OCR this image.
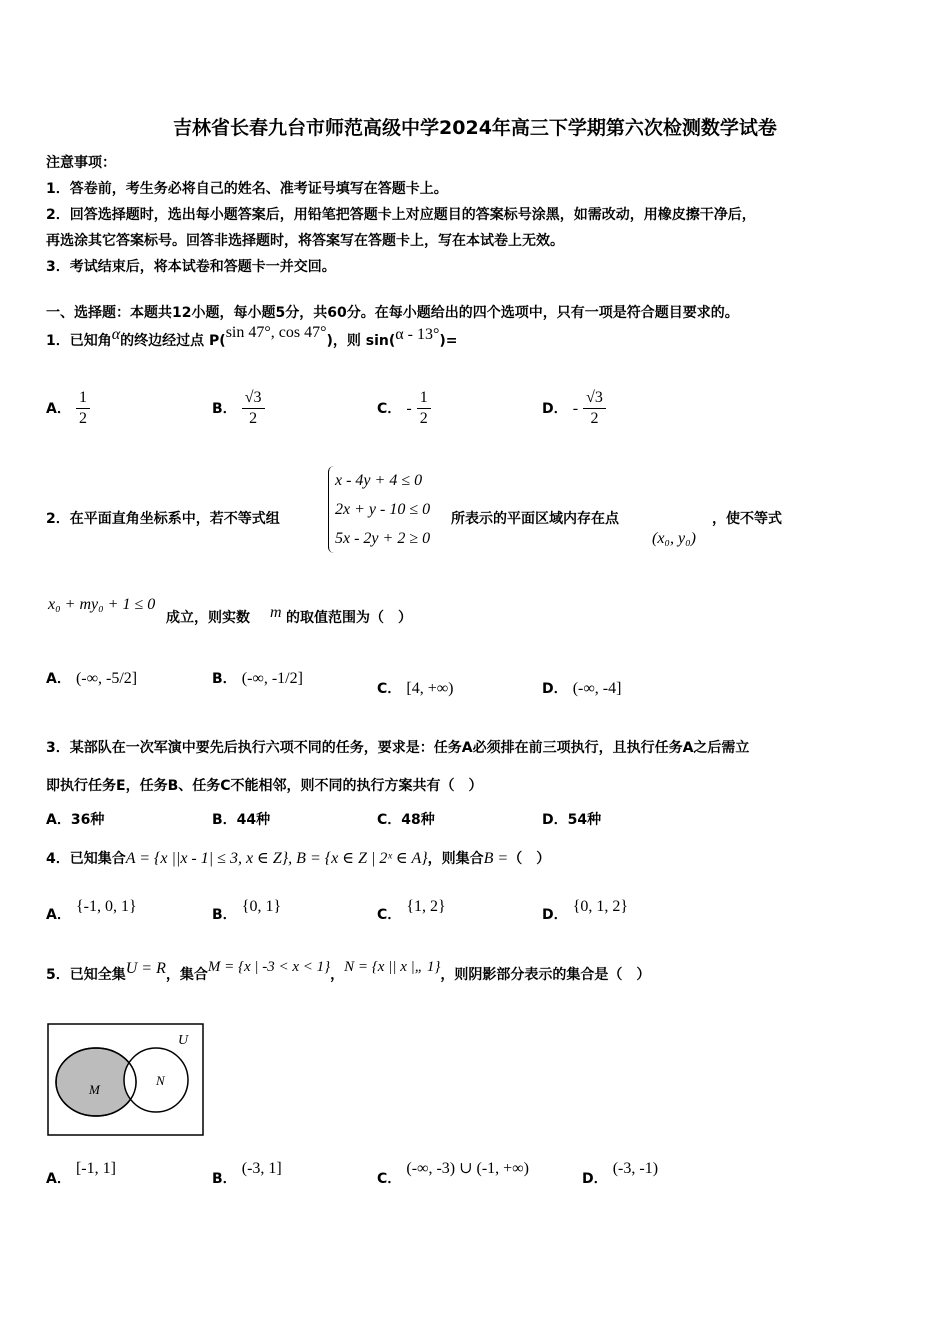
吉林省长春九台市师范高级中学2024年高三下学期第六次检测数学试卷
注意事项：
1．答卷前，考生务必将自己的姓名、准考证号填写在答题卡上。
2．回答选择题时，选出每小题答案后，用铅笔把答题卡上对应题目的答案标号涂黑，如需改动，用橡皮擦干净后，
再选涂其它答案标号。回答非选择题时，将答案写在答题卡上，写在本试卷上无效。
3．考试结束后，将本试卷和答题卡一并交回。
一、选择题：本题共12小题，每小题5分，共60分。在每小题给出的四个选项中，只有一项是符合题目要求的。
1．已知角α的终边经过点 P(sin 47°, cos 47°)，则 sin(α - 13°)=
A． $\frac{1}{2}$	B． $\frac{√3}{2}$	C． - $\frac{1}{2}$	D． - $\frac{√3}{2}$
2．在平面直角坐标系中，若不等式组
x - 4y + 4 ≤ 0
2x + y - 10 ≤ 0
5x - 2y + 2 ≥ 0
所表示的平面区域内存在点
(x₀, y₀)
，使不等式
x₀ + my₀ + 1 ≤ 0
成立，则实数 m 的取值范围为（　）
A． (-∞, -5/2]	B． (-∞, -1/2]
C． [4, +∞)	D． (-∞, -4]
3．某部队在一次军演中要先后执行六项不同的任务，要求是：任务A必须排在前三项执行，且执行任务A之后需立
即执行任务E，任务B、任务C不能相邻，则不同的执行方案共有（　）
A．36种	B．44种	C．48种	D．54种
4．已知集合A = {x ||x - 1| ≤ 3, x ∈ Z}, B = {x ∈ Z | 2ˣ ∈ A}，则集合B =（　）
A． {-1, 0, 1}	B． {0, 1}	C． {1, 2}	D． {0, 1, 2}
5．已知全集U = R，集合M = {x | -3 < x < 1}，N = {x || x |„ 1}，则阴影部分表示的集合是（　）
U
M
N
A． [-1, 1]
B． (-3, 1]
C． (-∞, -3) ∪ (-1, +∞)
D． (-3, -1)
